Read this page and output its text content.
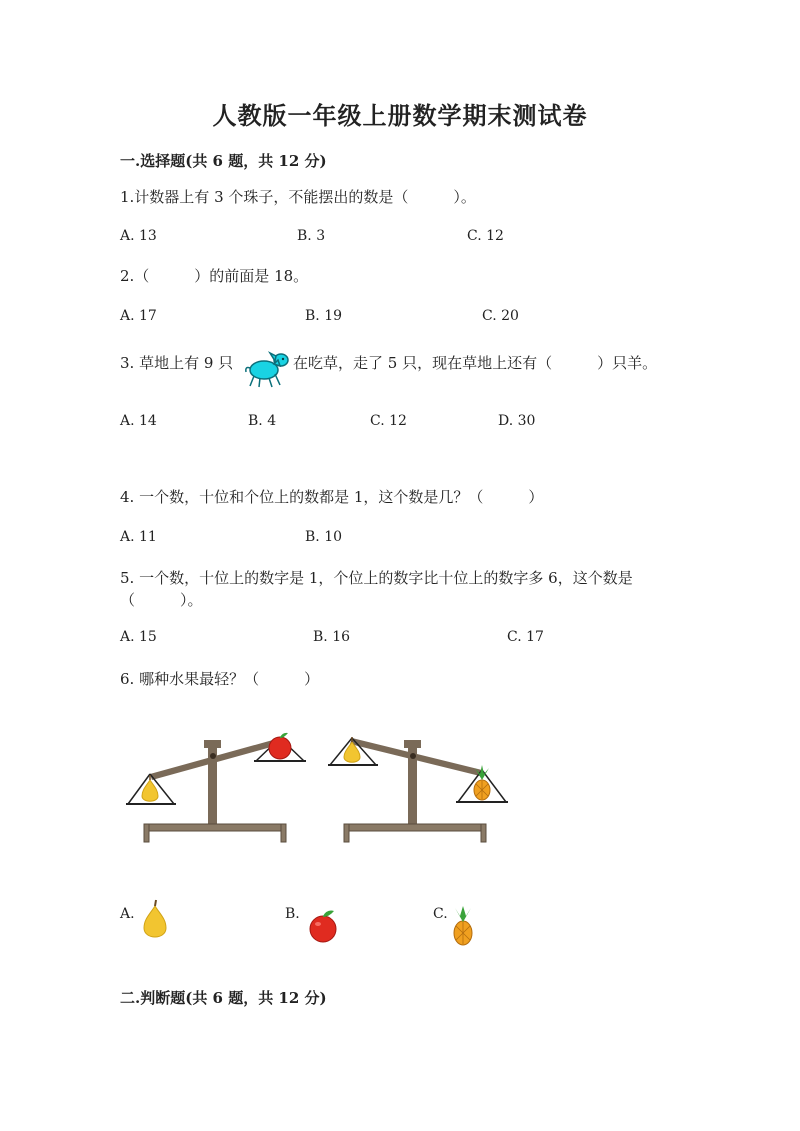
人教版一年级上册数学期末测试卷

一.选择题(共 6 题，共 12 分)

1.计数器上有 3 个珠子，不能摆出的数是（　　　）。

A. 13	B. 3	C. 12

2.（　　　）的前面是 18。

A. 17	B. 19	C. 20

3. 草地上有 9 只	在吃草，走了 5 只，现在草地上还有（　　　）只羊。

A. 14	B. 4	C. 12	D. 30

4. 一个数，十位和个位上的数都是 1，这个数是几？（　　　）

A. 11	B. 10

5. 一个数，十位上的数字是 1，个位上的数字比十位上的数字多 6，这个数是

（　　　）。

A. 15	B. 16	C. 17

6. 哪种水果最轻？（　　　）

A.	B.	C.

二.判断题(共 6 题，共 12 分)
